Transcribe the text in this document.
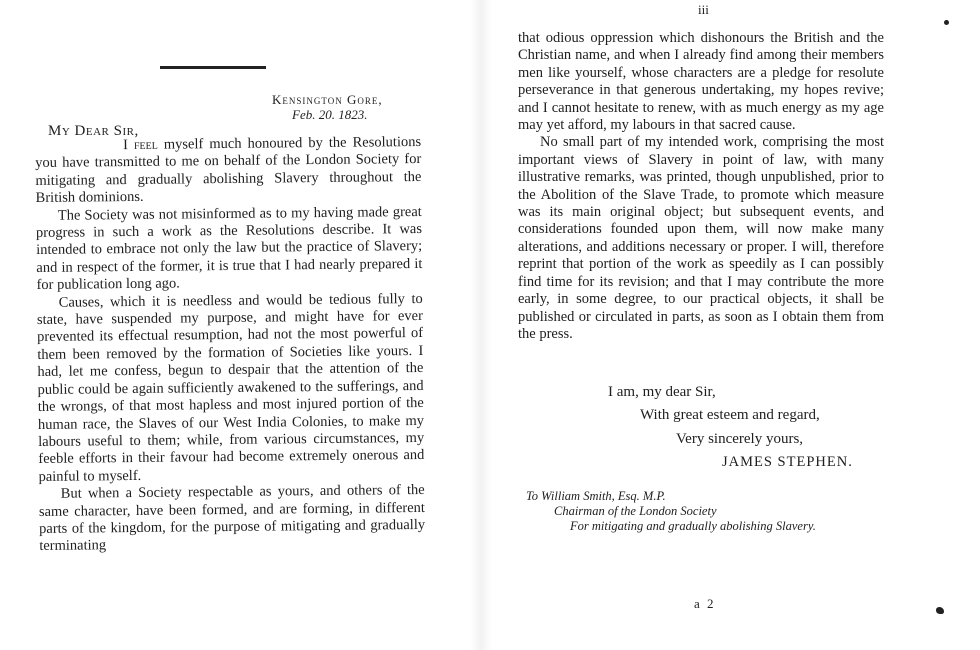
Kensington Gore,
Feb. 20. 1823.
My Dear Sir,

I feel myself much honoured by the Resolutions you have transmitted to me on behalf of the London Society for mitigating and gradually abolishing Slavery throughout the British dominions.

The Society was not misinformed as to my having made great progress in such a work as the Resolutions describe. It was intended to embrace not only the law but the practice of Slavery; and in respect of the former, it is true that I had nearly prepared it for publication long ago.

Causes, which it is needless and would be tedious fully to state, have suspended my purpose, and might have for ever prevented its effectual resumption, had not the most powerful of them been removed by the formation of Societies like yours. I had, let me confess, begun to despair that the attention of the public could be again sufficiently awakened to the sufferings, and the wrongs, of that most hapless and most injured portion of the human race, the Slaves of our West India Colonies, to make my labours useful to them; while, from various circumstances, my feeble efforts in their favour had become extremely onerous and painful to myself.

But when a Society respectable as yours, and others of the same character, have been formed, and are forming, in different parts of the kingdom, for the purpose of mitigating and gradually terminating

iii

that odious oppression which dishonours the British and the Christian name, and when I already find among their members men like yourself, whose characters are a pledge for resolute perseverance in that generous undertaking, my hopes revive; and I cannot hesitate to renew, with as much energy as my age may yet afford, my labours in that sacred cause.

No small part of my intended work, comprising the most important views of Slavery in point of law, with many illustrative remarks, was printed, though unpublished, prior to the Abolition of the Slave Trade, to promote which measure was its main original object; but subsequent events, and considerations founded upon them, will now make many alterations, and additions necessary or proper. I will, therefore reprint that portion of the work as speedily as I can possibly find time for its revision; and that I may contribute the more early, in some degree, to our practical objects, it shall be published or circulated in parts, as soon as I obtain them from the press.

I am, my dear Sir,
With great esteem and regard,
Very sincerely yours,
JAMES STEPHEN.
To William Smith, Esq. M.P.
Chairman of the London Society
For mitigating and gradually abolishing Slavery.
a 2
